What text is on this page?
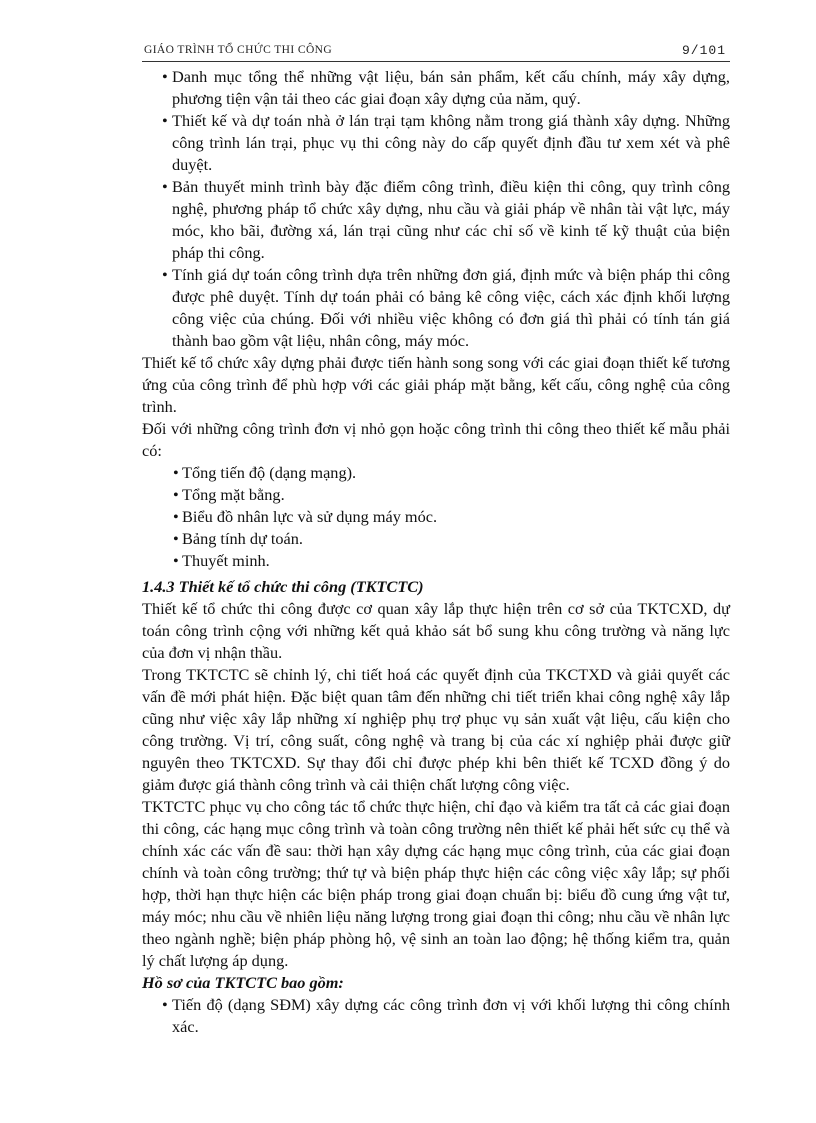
GIÁO TRÌNH TỔ CHỨC THI CÔNG	9/101
• Danh mục tổng thể những vật liệu, bán sản phẩm, kết cấu chính, máy xây dựng, phương tiện vận tải theo các giai đoạn xây dựng của năm, quý.
• Thiết kế và dự toán nhà ở lán trại tạm không nằm trong giá thành xây dựng. Những công trình lán trại, phục vụ thi công này do cấp quyết định đầu tư xem xét và phê duyệt.
• Bản thuyết minh trình bày đặc điểm công trình, điều kiện thi công, quy trình công nghệ, phương pháp tổ chức xây dựng, nhu cầu và giải pháp về nhân tài vật lực, máy móc, kho bãi, đường xá, lán trại cũng như các chỉ số về kinh tế kỹ thuật của biện pháp thi công.
• Tính giá dự toán công trình dựa trên những đơn giá, định mức và biện pháp thi công được phê duyệt. Tính dự toán phải có bảng kê công việc, cách xác định khối lượng công việc của chúng. Đối với nhiều việc không có đơn giá thì phải có tính tán giá thành bao gồm vật liệu, nhân công, máy móc.

Thiết kế tổ chức xây dựng phải được tiến hành song song với các giai đoạn thiết kế tương ứng của công trình để phù hợp với các giải pháp mặt bằng, kết cấu, công nghệ của công trình.

Đối với những công trình đơn vị nhỏ gọn hoặc công trình thi công theo thiết kế mẫu phải có:

• Tổng tiến độ (dạng mạng).
• Tổng mặt bằng.
• Biểu đồ nhân lực và sử dụng máy móc.
• Bảng tính dự toán.
• Thuyết minh.

1.4.3 Thiết kế tổ chức thi công (TKTCTC)

Thiết kế tổ chức thi công được cơ quan xây lắp thực hiện trên cơ sở của TKTCXD, dự toán công trình cộng với những kết quả khảo sát bổ sung khu công trường và năng lực của đơn vị nhận thầu.

Trong TKTCTC sẽ chỉnh lý, chi tiết hoá các quyết định của TKCTXD và giải quyết các vấn đề mới phát hiện. Đặc biệt quan tâm đến những chi tiết triển khai công nghệ xây lắp cũng như việc xây lắp những xí nghiệp phụ trợ phục vụ sản xuất vật liệu, cấu kiện cho công trường. Vị trí, công suất, công nghệ và trang bị của các xí nghiệp phải được giữ nguyên theo TKTCXD. Sự thay đổi chỉ được phép khi bên thiết kế TCXD đồng ý do giảm được giá thành công trình và cải thiện chất lượng công việc.

TKTCTC phục vụ cho công tác tổ chức thực hiện, chỉ đạo và kiểm tra tất cả các giai đoạn thi công, các hạng mục công trình và toàn công trường nên thiết kế phải hết sức cụ thể và chính xác các vấn đề sau: thời hạn xây dựng các hạng mục công trình, của các giai đoạn chính và toàn công trường; thứ tự và biện pháp thực hiện các công việc xây lắp; sự phối hợp, thời hạn thực hiện các biện pháp trong giai đoạn chuẩn bị: biểu đồ cung ứng vật tư, máy móc; nhu cầu về nhiên liệu năng lượng trong giai đoạn thi công; nhu cầu về nhân lực theo ngành nghề; biện pháp phòng hộ, vệ sinh an toàn lao động; hệ thống kiểm tra, quản lý chất lượng áp dụng.

Hồ sơ của TKTCTC bao gồm:

• Tiến độ (dạng SĐM) xây dựng các công trình đơn vị với khối lượng thi công chính xác.
